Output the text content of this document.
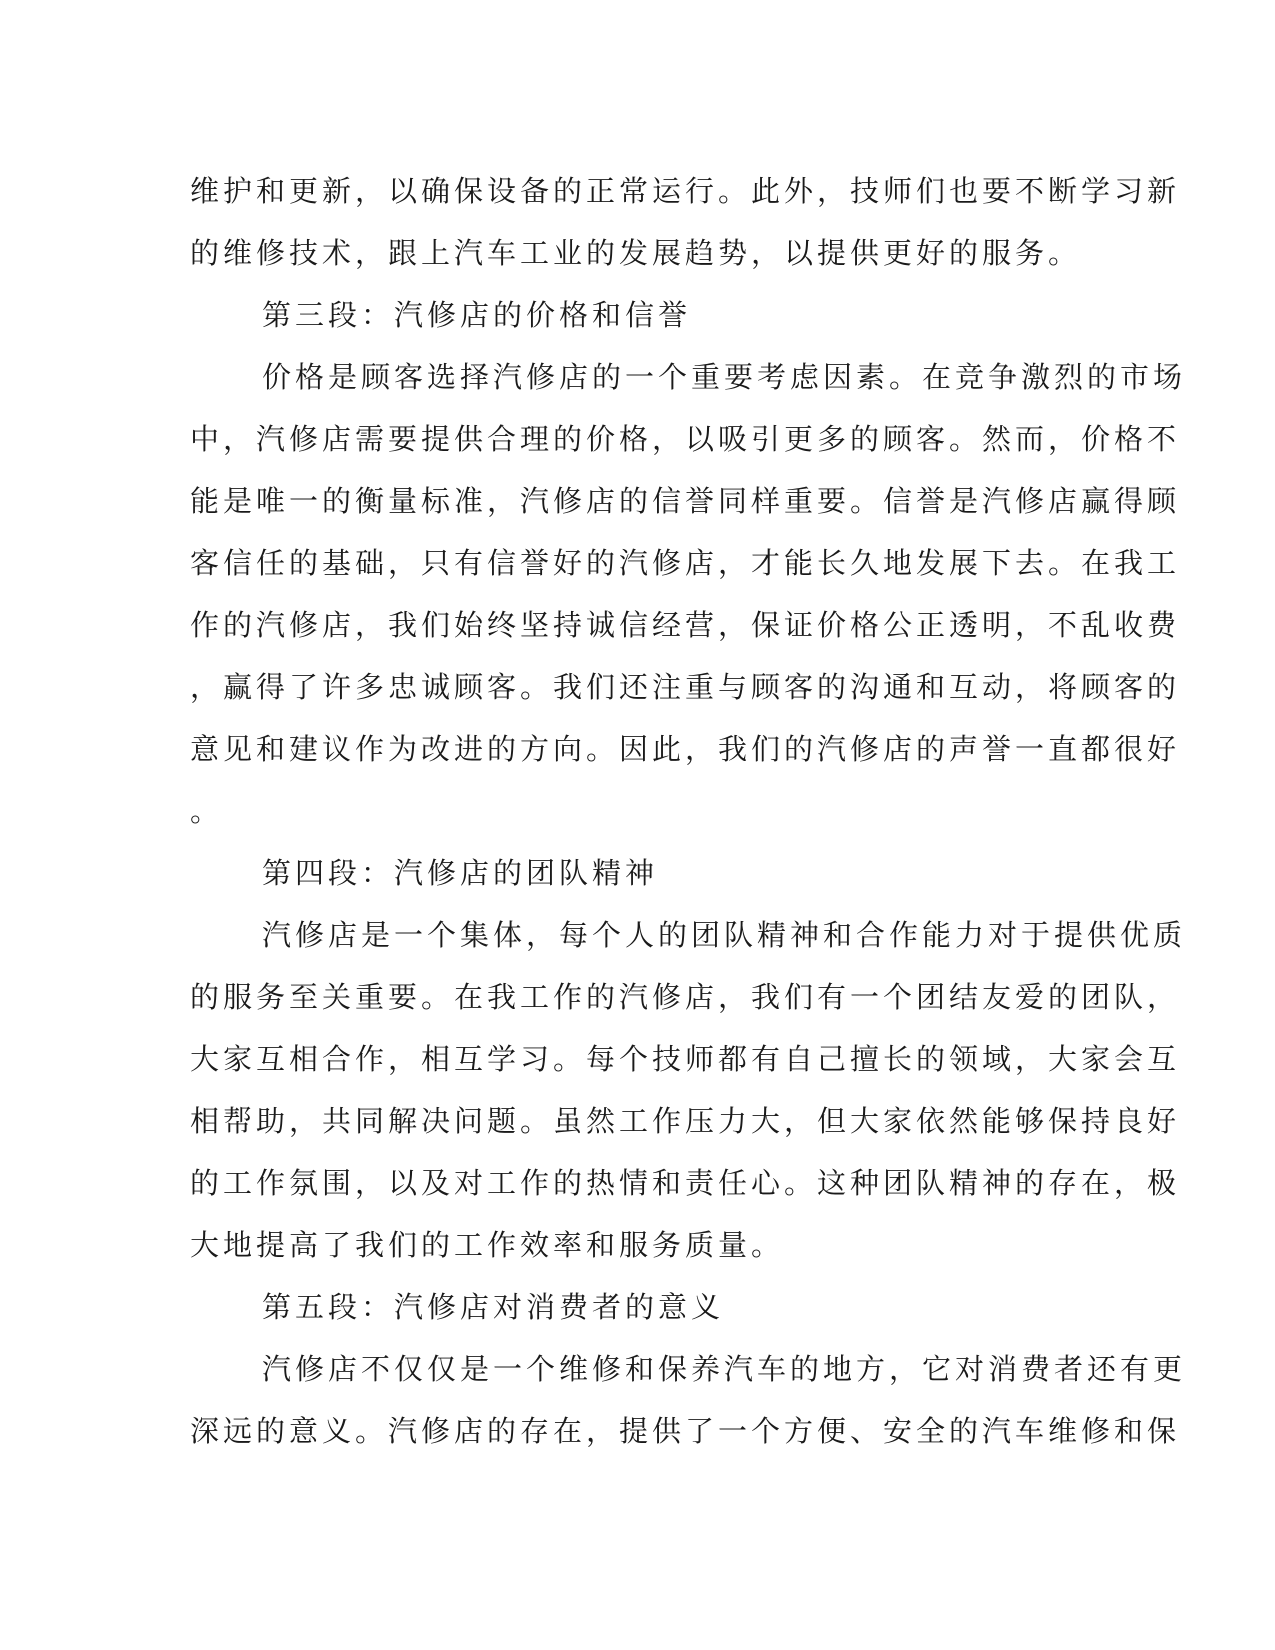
维护和更新，以确保设备的正常运行。此外，技师们也要不断学习新
的维修技术，跟上汽车工业的发展趋势，以提供更好的服务。
第三段：汽修店的价格和信誉
价格是顾客选择汽修店的一个重要考虑因素。在竞争激烈的市场
中，汽修店需要提供合理的价格，以吸引更多的顾客。然而，价格不
能是唯一的衡量标准，汽修店的信誉同样重要。信誉是汽修店赢得顾
客信任的基础，只有信誉好的汽修店，才能长久地发展下去。在我工
作的汽修店，我们始终坚持诚信经营，保证价格公正透明，不乱收费
，赢得了许多忠诚顾客。我们还注重与顾客的沟通和互动，将顾客的
意见和建议作为改进的方向。因此，我们的汽修店的声誉一直都很好
。
第四段：汽修店的团队精神
汽修店是一个集体，每个人的团队精神和合作能力对于提供优质
的服务至关重要。在我工作的汽修店，我们有一个团结友爱的团队，
大家互相合作，相互学习。每个技师都有自己擅长的领域，大家会互
相帮助，共同解决问题。虽然工作压力大，但大家依然能够保持良好
的工作氛围，以及对工作的热情和责任心。这种团队精神的存在，极
大地提高了我们的工作效率和服务质量。
第五段：汽修店对消费者的意义
汽修店不仅仅是一个维修和保养汽车的地方，它对消费者还有更
深远的意义。汽修店的存在，提供了一个方便、安全的汽车维修和保
